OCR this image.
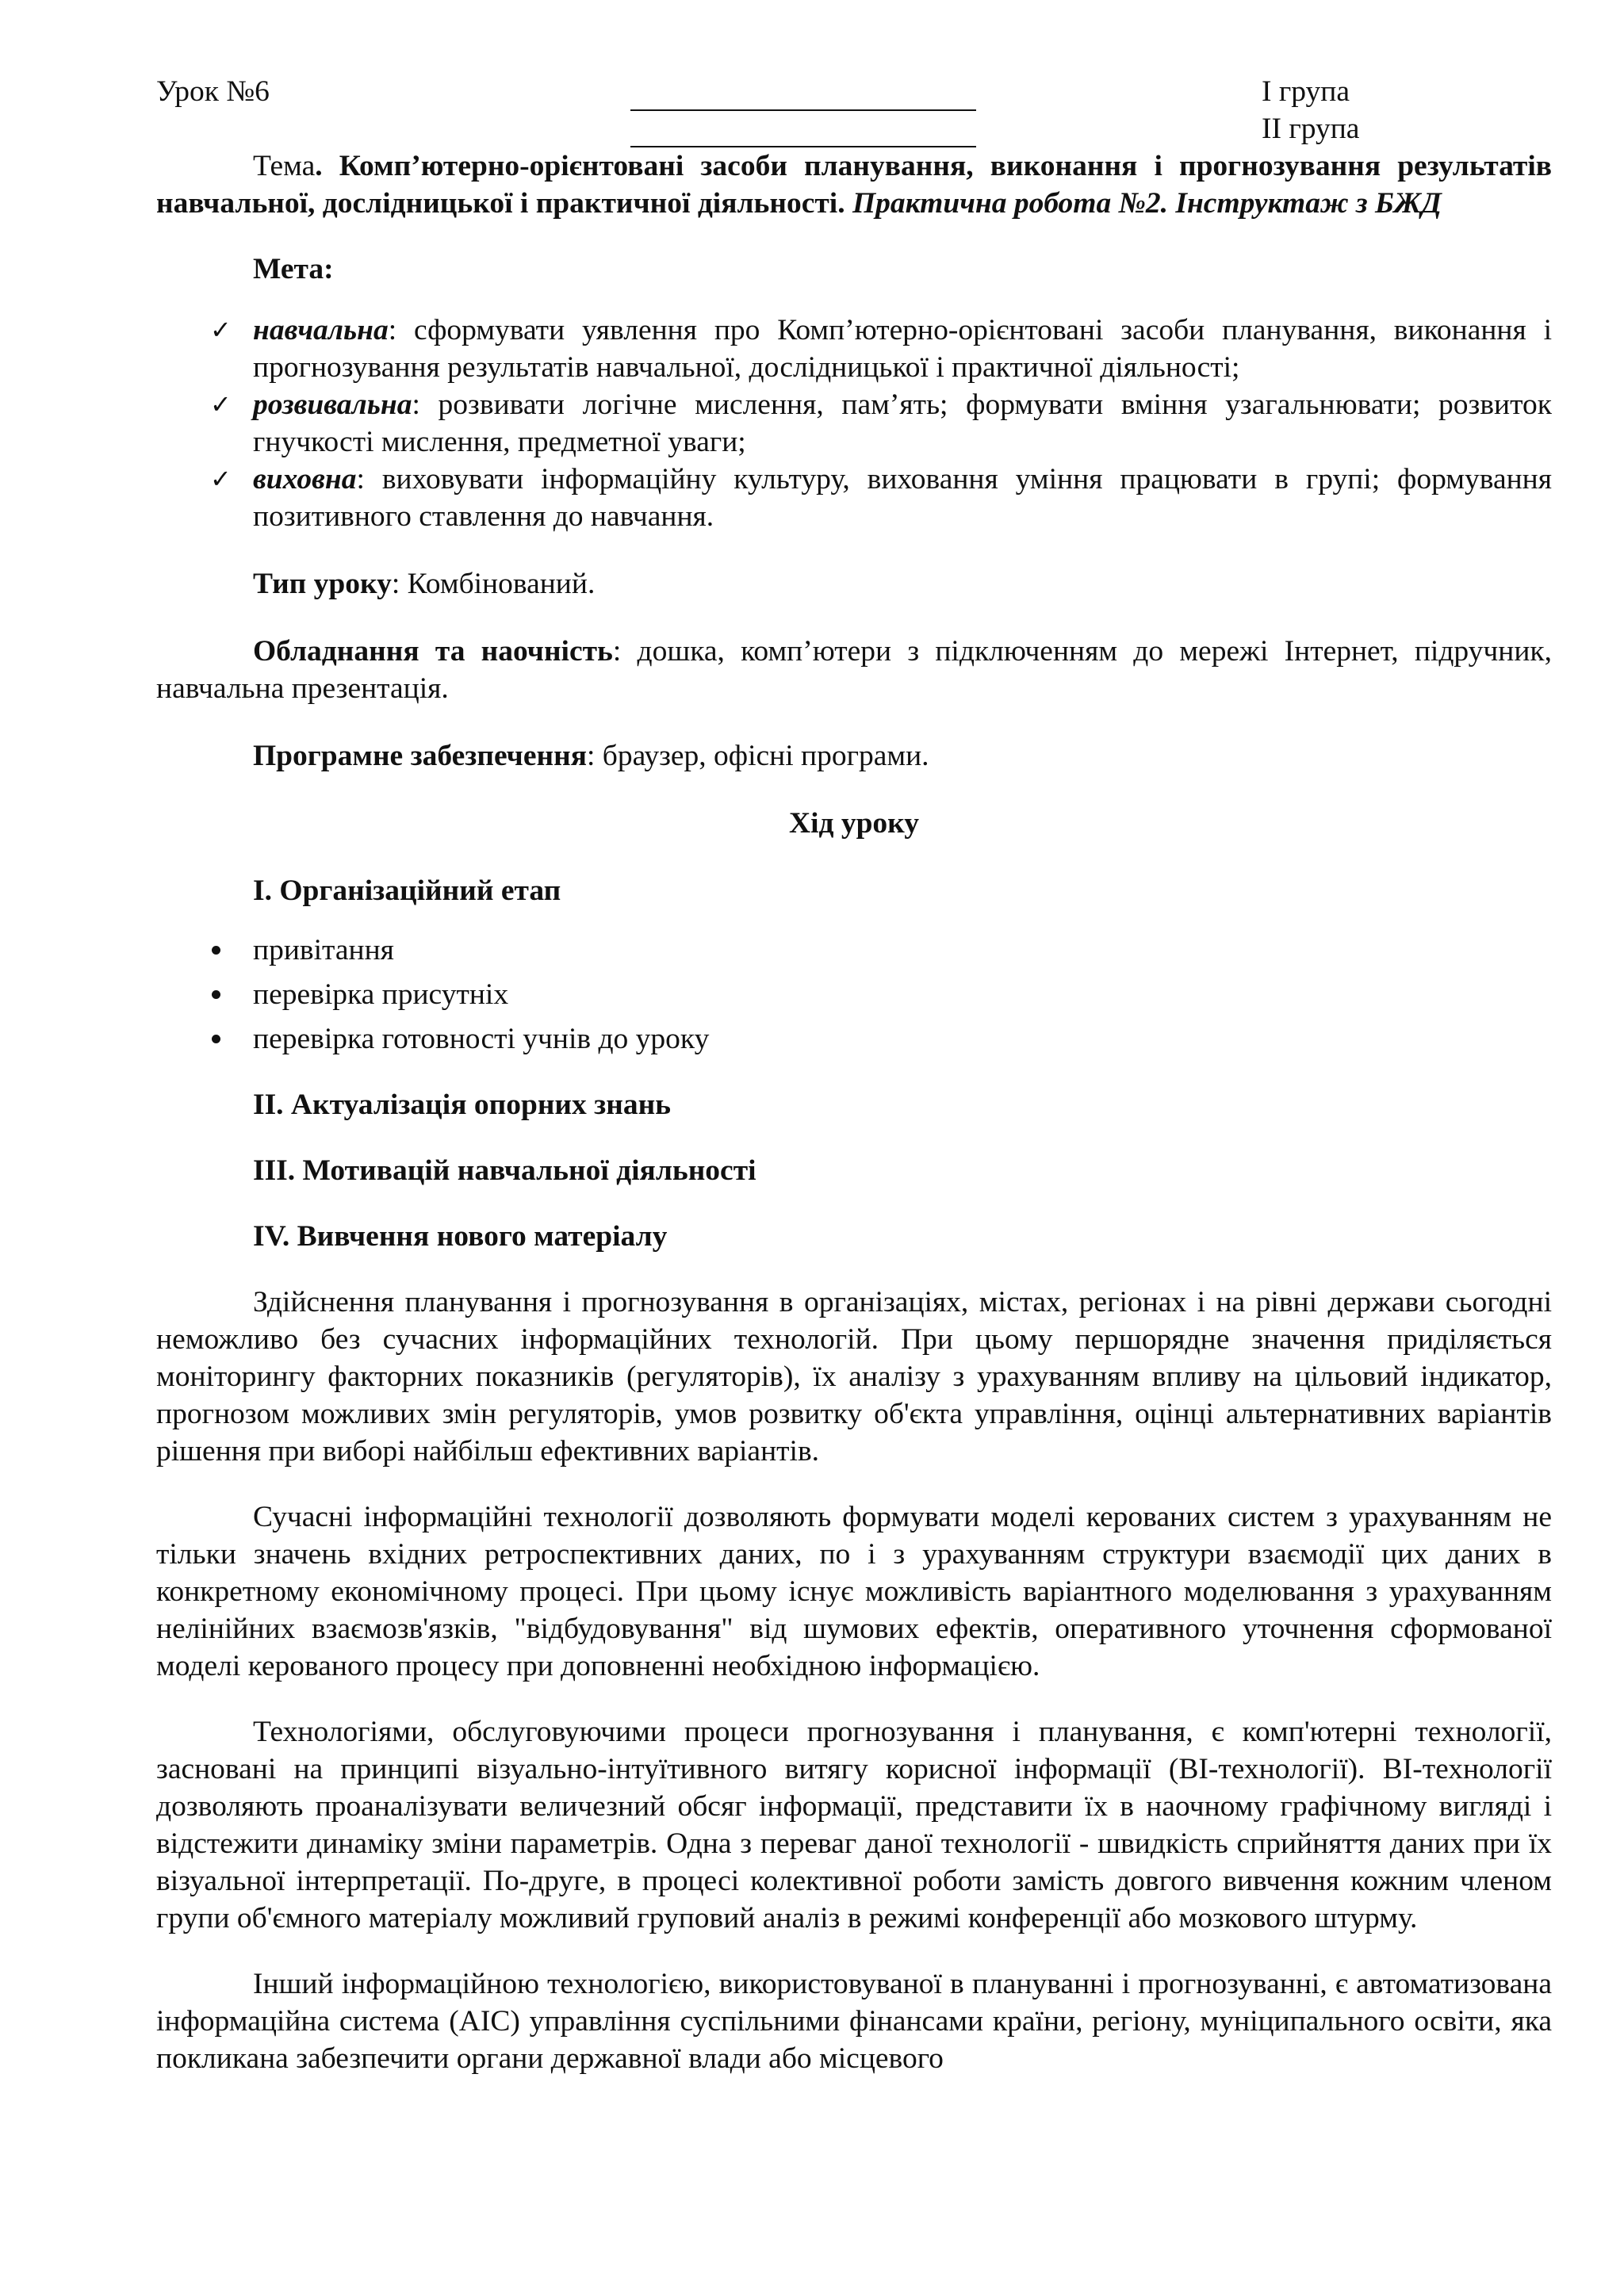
Урок №6	І група
ІІ група

Тема. Комп’ютерно-орієнтовані засоби планування, виконання і прогнозування результатів навчальної, дослідницької і практичної діяльності. Практична робота №2. Інструктаж з БЖД

Мета:

✓ навчальна: сформувати уявлення про Комп’ютерно-орієнтовані засоби планування, виконання і прогнозування результатів навчальної, дослідницької і практичної діяльності;
✓ розвивальна: розвивати логічне мислення, пам’ять; формувати вміння узагальнювати; розвиток гнучкості мислення, предметної уваги;
✓ виховна: виховувати інформаційну культуру, виховання уміння працювати в групі; формування позитивного ставлення до навчання.

Тип уроку: Комбінований.

Обладнання та наочність: дошка, комп’ютери з підключенням до мережі Інтернет, підручник, навчальна презентація.

Програмне забезпечення: браузер, офісні програми.

Хід уроку

I. Організаційний етап

привітання
перевірка присутніх
перевірка готовності учнів до уроку

II. Актуалізація опорних знань

III. Мотивацій навчальної діяльності

IV. Вивчення нового матеріалу

Здійснення планування і прогнозування в організаціях, містах, регіонах і на рівні держави сьогодні неможливо без сучасних інформаційних технологій. При цьому першорядне значення приділяється моніторингу факторних показників (регуляторів), їх аналізу з урахуванням впливу на цільовий індикатор, прогнозом можливих змін регуляторів, умов розвитку об'єкта управління, оцінці альтернативних варіантів рішення при виборі найбільш ефективних варіантів.

Сучасні інформаційні технології дозволяють формувати моделі керованих систем з урахуванням не тільки значень вхідних ретроспективних даних, по і з урахуванням структури взаємодії цих даних в конкретному економічному процесі. При цьому існує можливість варіантного моделювання з урахуванням нелінійних взаємозв'язків, "відбудовування" від шумових ефектів, оперативного уточнення сформованої моделі керованого процесу при доповненні необхідною інформацією.

Технологіями, обслуговуючими процеси прогнозування і планування, є комп'ютерні технології, засновані на принципі візуально-інтуїтивного витягу корисної інформації (ВІ-технології). ВІ-технології дозволяють проаналізувати величезний обсяг інформації, представити їх в наочному графічному вигляді і відстежити динаміку зміни параметрів. Одна з переваг даної технології - швидкість сприйняття даних при їх візуальної інтерпретації. По-друге, в процесі колективної роботи замість довгого вивчення кожним членом групи об'ємного матеріалу можливий груповий аналіз в режимі конференції або мозкового штурму.

Інший інформаційною технологією, використовуваної в плануванні і прогнозуванні, є автоматизована інформаційна система (АІС) управління суспільними фінансами країни, регіону, муніципального освіти, яка покликана забезпечити органи державної влади або місцевого
